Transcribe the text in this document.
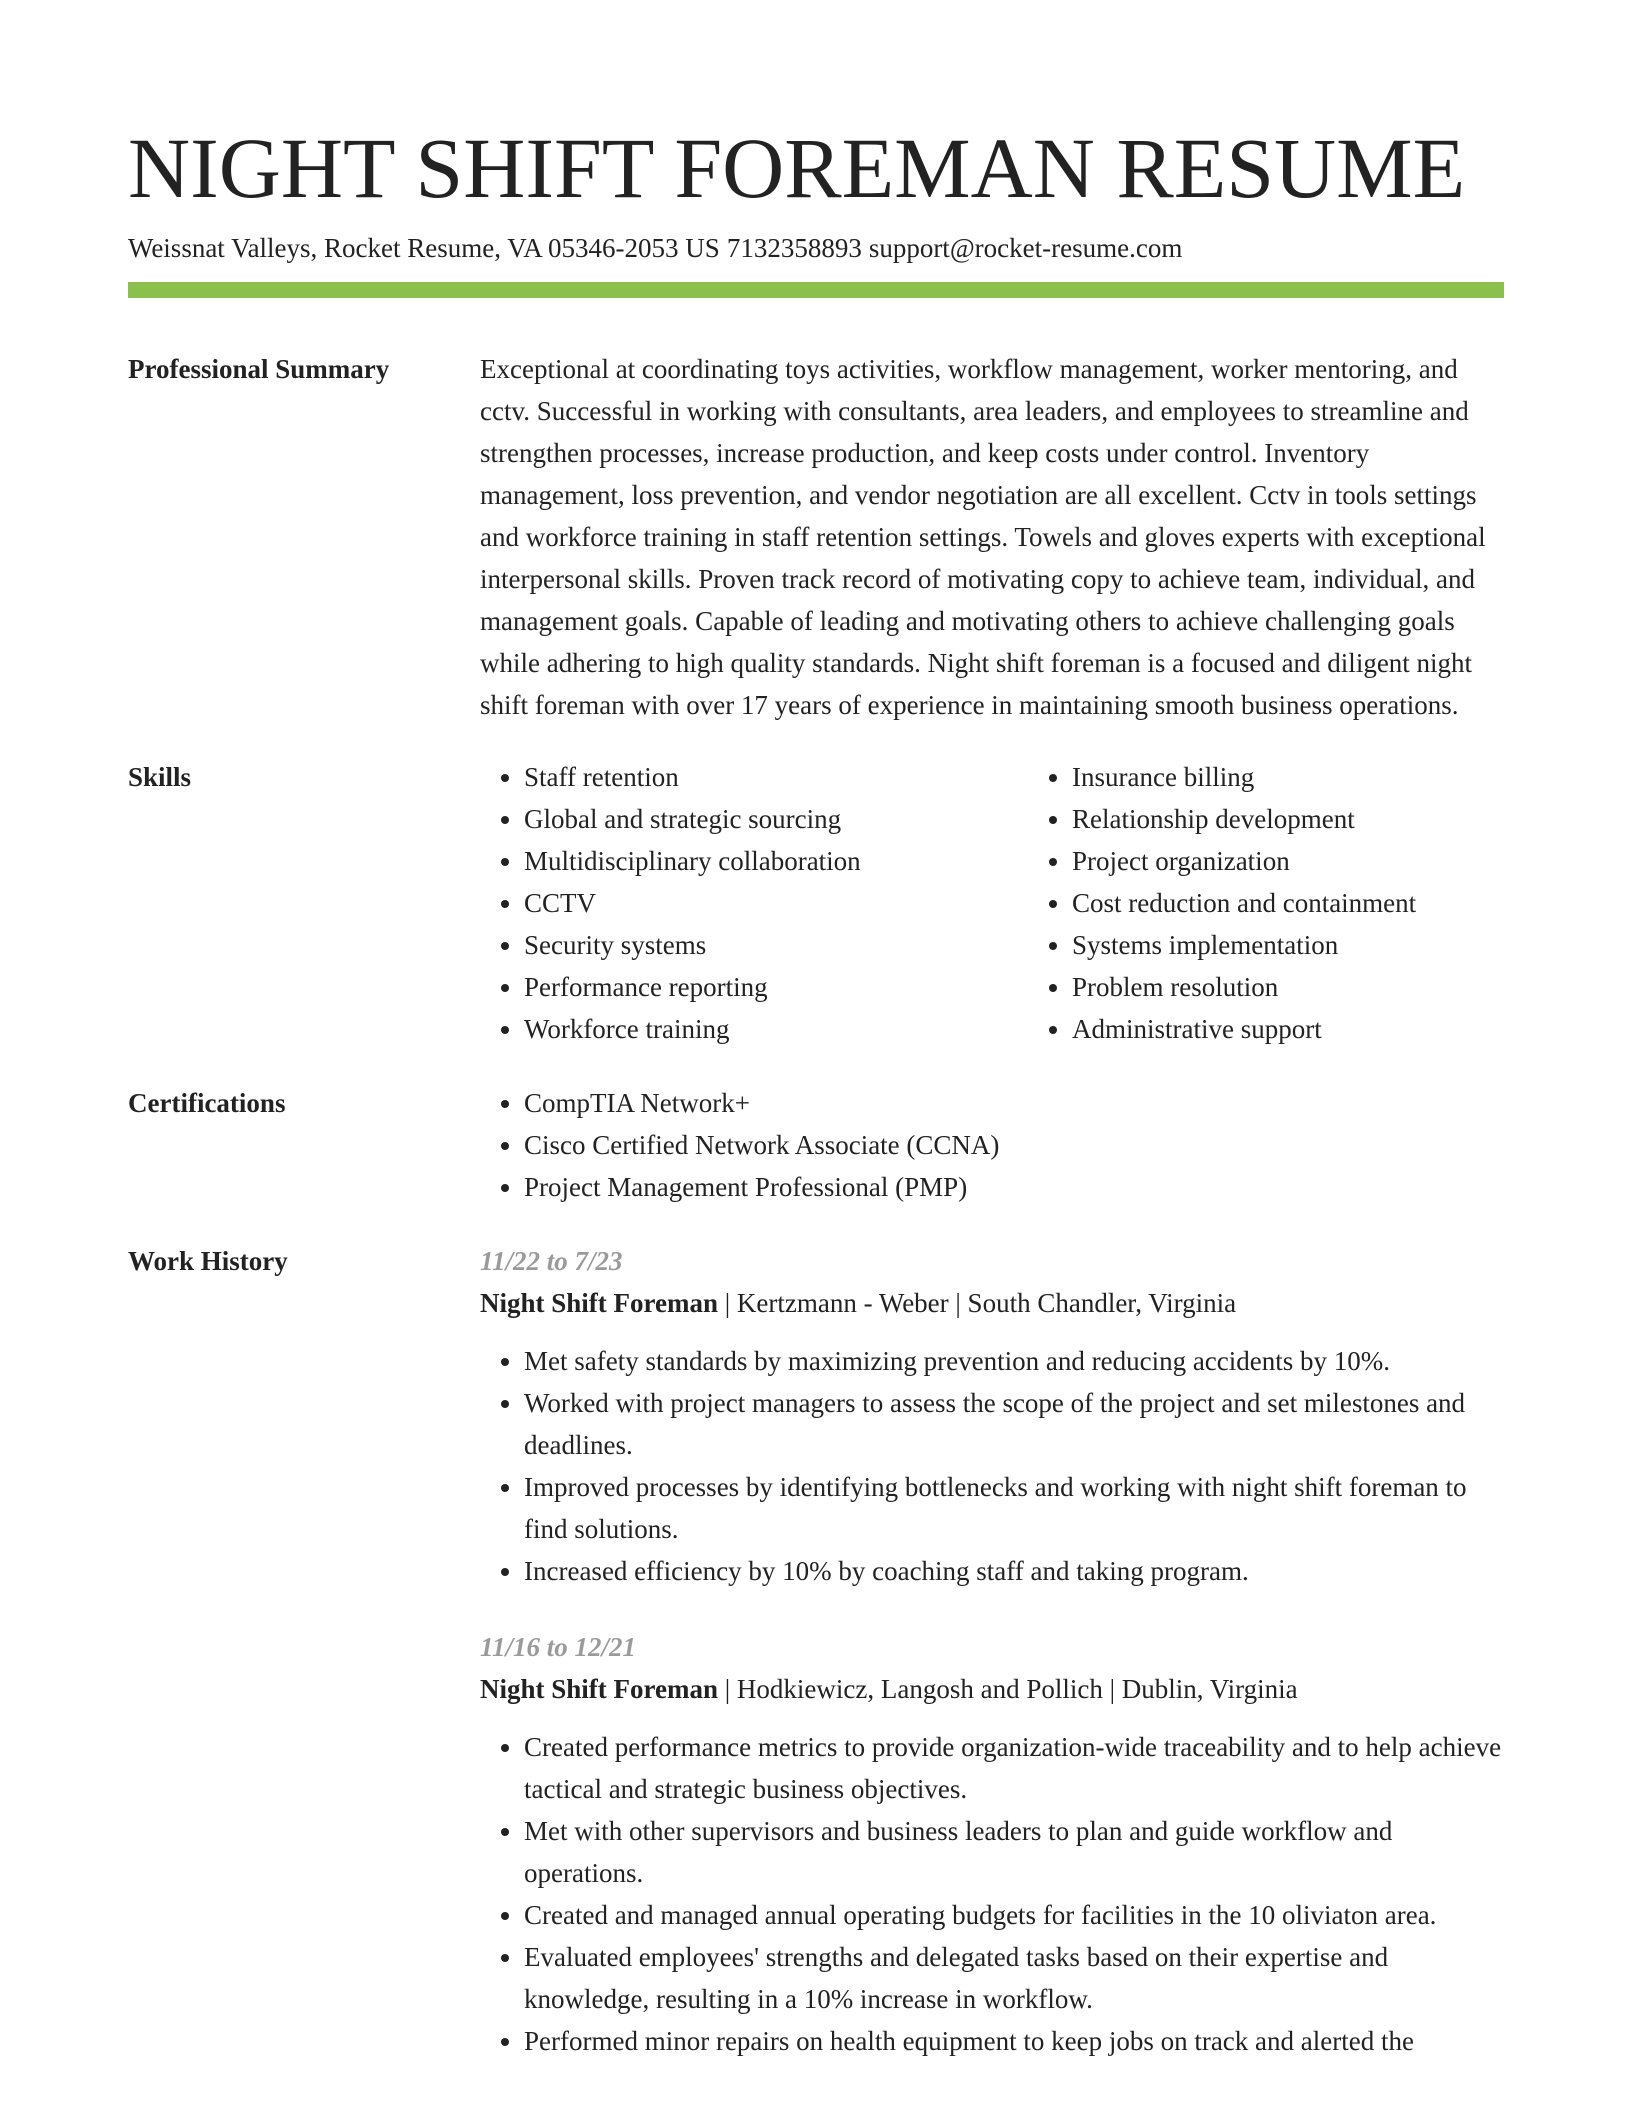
NIGHT SHIFT FOREMAN RESUME
Weissnat Valleys, Rocket Resume, VA 05346-2053 US 7132358893 support@rocket-resume.com
Professional Summary	Exceptional at coordinating toys activities, workflow management, worker mentoring, and cctv. Successful in working with consultants, area leaders, and employees to streamline and strengthen processes, increase production, and keep costs under control. Inventory management, loss prevention, and vendor negotiation are all excellent. Cctv in tools settings and workforce training in staff retention settings. Towels and gloves experts with exceptional interpersonal skills. Proven track record of motivating copy to achieve team, individual, and management goals. Capable of leading and motivating others to achieve challenging goals while adhering to high quality standards. Night shift foreman is a focused and diligent night shift foreman with over 17 years of experience in maintaining smooth business operations.

Skills	• Staff retention
• Global and strategic sourcing
• Multidisciplinary collaboration
• CCTV
• Security systems
• Performance reporting
• Workforce training
• Insurance billing
• Relationship development
• Project organization
• Cost reduction and containment
• Systems implementation
• Problem resolution
• Administrative support
Certifications	• CompTIA Network+
• Cisco Certified Network Associate (CCNA)
• Project Management Professional (PMP)
Work History	11/22 to 7/23
Night Shift Foreman | Kertzmann - Weber | South Chandler, Virginia
• Met safety standards by maximizing prevention and reducing accidents by 10%.
• Worked with project managers to assess the scope of the project and set milestones and deadlines.
• Improved processes by identifying bottlenecks and working with night shift foreman to find solutions.
• Increased efficiency by 10% by coaching staff and taking program.
11/16 to 12/21
Night Shift Foreman | Hodkiewicz, Langosh and Pollich | Dublin, Virginia
• Created performance metrics to provide organization-wide traceability and to help achieve tactical and strategic business objectives.
• Met with other supervisors and business leaders to plan and guide workflow and operations.
• Created and managed annual operating budgets for facilities in the 10 oliviaton area.
• Evaluated employees' strengths and delegated tasks based on their expertise and knowledge, resulting in a 10% increase in workflow.
• Performed minor repairs on health equipment to keep jobs on track and alerted the
